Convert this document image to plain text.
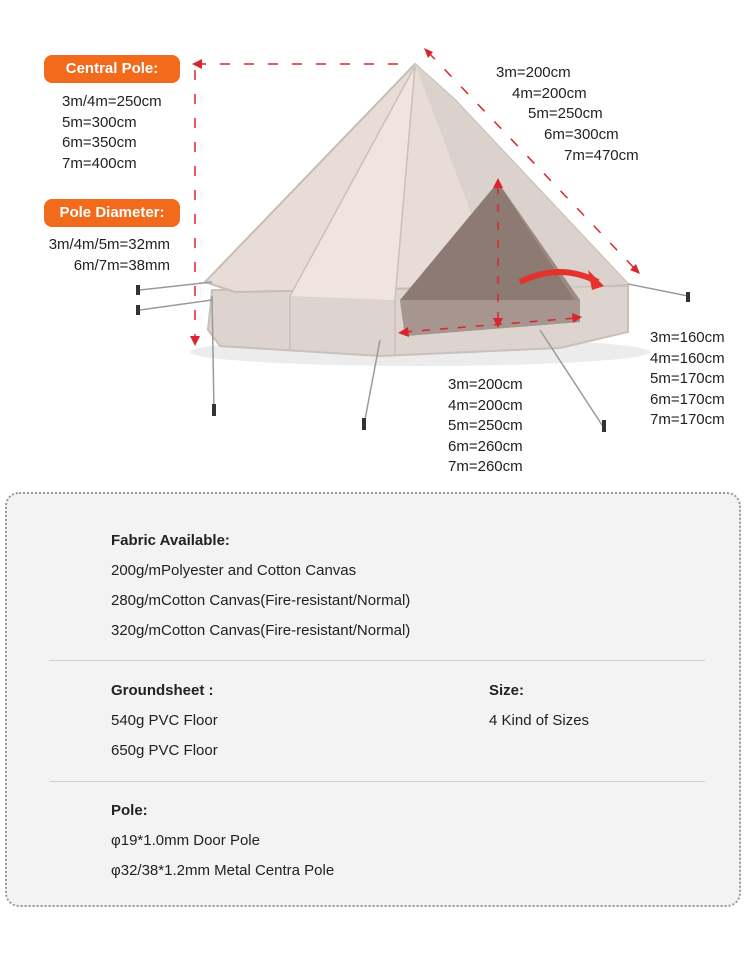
Central Pole:
3m/4m=250cm
5m=300cm
6m=350cm
7m=400cm
Pole Diameter:
3m/4m/5m=32mm
6m/7m=38mm
3m=200cm
4m=200cm
5m=250cm
6m=300cm
7m=470cm
3m=160cm
4m=160cm
5m=170cm
6m=170cm
7m=170cm
3m=200cm
4m=200cm
5m=250cm
6m=260cm
7m=260cm
Fabric Available:
200g/mPolyester and Cotton Canvas
280g/mCotton Canvas(Fire-resistant/Normal)
320g/mCotton Canvas(Fire-resistant/Normal)
Groundsheet :
540g PVC Floor
650g PVC Floor
Size:
4 Kind of Sizes
Pole:
φ19*1.0mm Door Pole
φ32/38*1.2mm Metal Centra Pole
